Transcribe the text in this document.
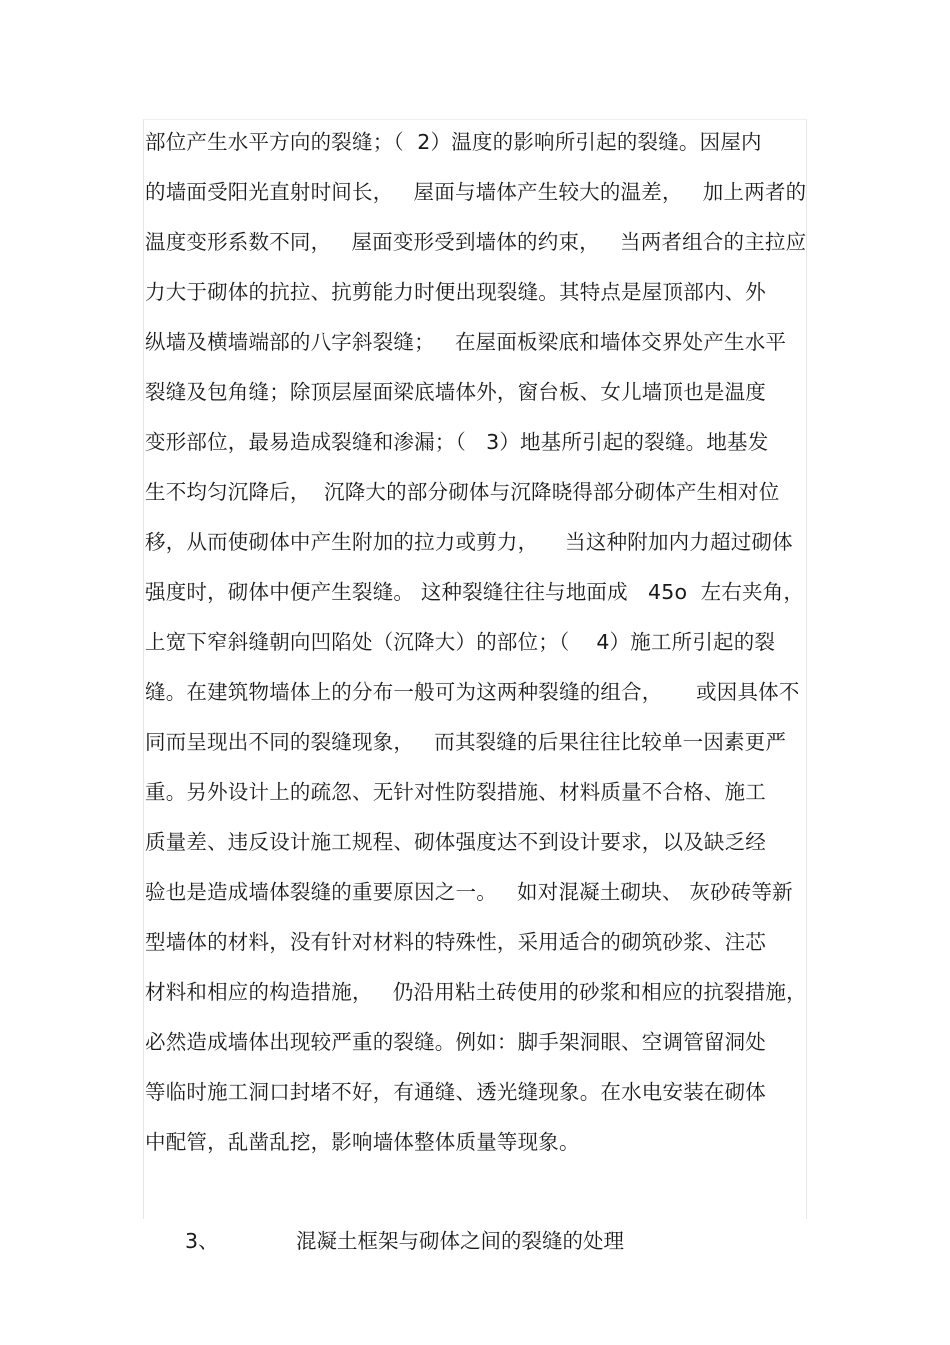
部位产生水平方向的裂缝；（  2）温度的影响所引起的裂缝。因屋内
的墙面受阳光直射时间长，   屋面与墙体产生较大的温差，   加上两者的
温度变形系数不同，   屋面变形受到墙体的约束，   当两者组合的主拉应
力大于砌体的抗拉、抗剪能力时便出现裂缝。其特点是屋顶部内、外
纵墙及横墙端部的八字斜裂缝；   在屋面板梁底和墙体交界处产生水平
裂缝及包角缝；除顶层屋面梁底墙体外，窗台板、女儿墙顶也是温度
变形部位，最易造成裂缝和渗漏；（   3）地基所引起的裂缝。地基发
生不均匀沉降后，  沉降大的部分砌体与沉降晓得部分砌体产生相对位
移，从而使砌体中产生附加的拉力或剪力，    当这种附加内力超过砌体
强度时，砌体中便产生裂缝。 这种裂缝往往与地面成   45o  左右夹角，
上宽下窄斜缝朝向凹陷处（沉降大）的部位；（    4）施工所引起的裂
缝。在建筑物墙体上的分布一般可为这两种裂缝的组合，     或因具体不
同而呈现出不同的裂缝现象，   而其裂缝的后果往往比较单一因素更严
重。另外设计上的疏忽、无针对性防裂措施、材料质量不合格、施工
质量差、违反设计施工规程、砌体强度达不到设计要求，以及缺乏经
验也是造成墙体裂缝的重要原因之一。   如对混凝土砌块、 灰砂砖等新
型墙体的材料，没有针对材料的特殊性，采用适合的砌筑砂浆、注芯
材料和相应的构造措施，   仍沿用粘土砖使用的砂浆和相应的抗裂措施，
必然造成墙体出现较严重的裂缝。例如：脚手架洞眼、空调管留洞处
等临时施工洞口封堵不好，有通缝、透光缝现象。在水电安装在砌体
中配管，乱凿乱挖，影响墙体整体质量等现象。

3、	混凝土框架与砌体之间的裂缝的处理
